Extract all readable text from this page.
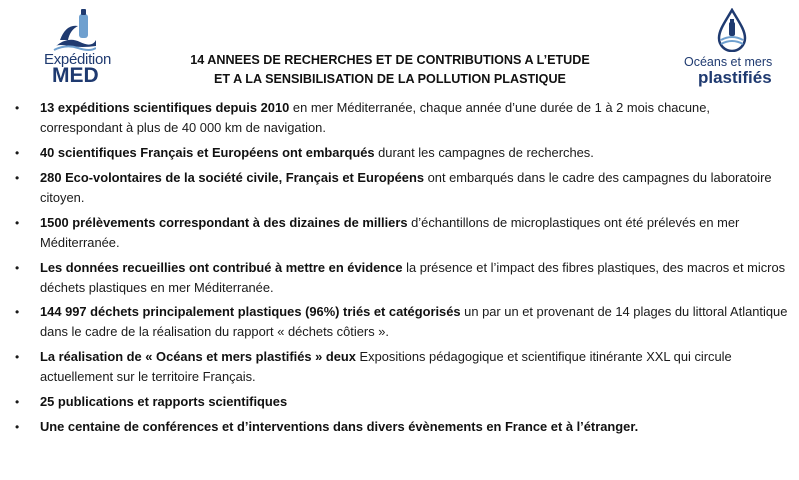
Expédition
MED
Océans et mers
plastifiés
14 ANNEES DE RECHERCHES ET DE CONTRIBUTIONS A L’ETUDE
ET A LA SENSIBILISATION DE LA POLLUTION PLASTIQUE
• 13 expéditions scientifiques depuis 2010 en mer Méditerranée, chaque année d’une durée de 1 à 2 mois chacune, correspondant à plus de 40 000 km de navigation.
• 40 scientifiques Français et Européens ont embarqués durant les campagnes de recherches.
• 280 Eco-volontaires de la société civile, Français et Européens ont embarqués dans le cadre des campagnes du laboratoire citoyen.
• 1500 prélèvements correspondant à des dizaines de milliers d’échantillons de microplastiques ont été prélevés en mer Méditerranée.
• Les données recueillies ont contribué à mettre en évidence la présence et l’impact des fibres plastiques, des macros et micros déchets plastiques en mer Méditerranée.
• 144 997 déchets principalement plastiques (96%) triés et catégorisés un par un et provenant de 14 plages du littoral Atlantique dans le cadre de la réalisation du rapport « déchets côtiers ».
• La réalisation de « Océans et mers plastifiés » deux Expositions pédagogique et scientifique itinérante XXL qui circule actuellement sur le territoire Français.
• 25 publications et rapports scientifiques
• Une centaine de conférences et d’interventions dans divers évènements en France et à l’étranger.
